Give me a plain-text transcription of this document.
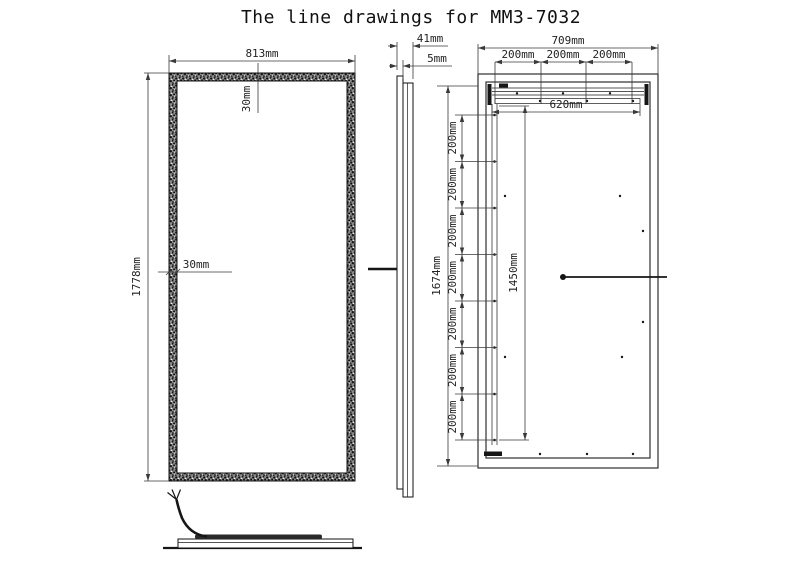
The line drawings for MM3-7032
813mm
1778mm
30mm
30mm
41mm
5mm
709mm
200mm 200mm 200mm
620mm
1674mm
200mm
200mm
200mm
200mm
200mm
200mm
200mm
1450mm
